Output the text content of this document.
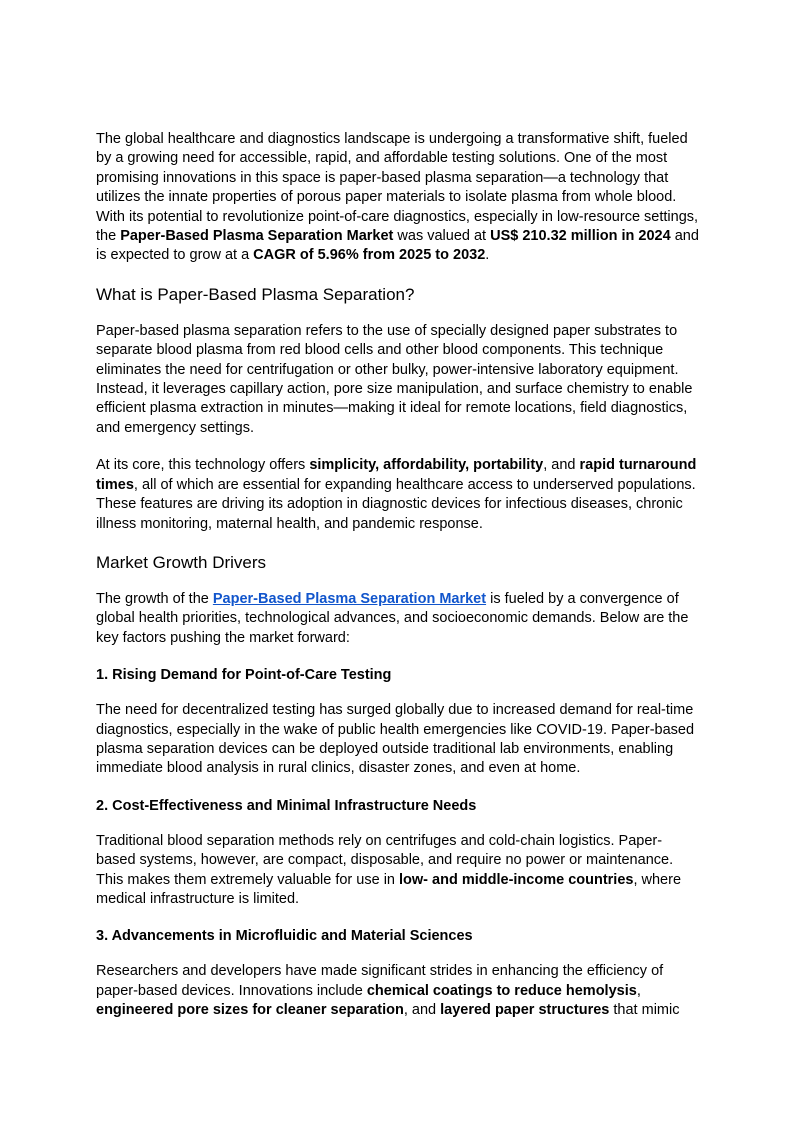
The global healthcare and diagnostics landscape is undergoing a transformative shift, fueled by a growing need for accessible, rapid, and affordable testing solutions. One of the most promising innovations in this space is paper-based plasma separation—a technology that utilizes the innate properties of porous paper materials to isolate plasma from whole blood. With its potential to revolutionize point-of-care diagnostics, especially in low-resource settings, the Paper-Based Plasma Separation Market was valued at US$ 210.32 million in 2024 and is expected to grow at a CAGR of 5.96% from 2025 to 2032.

What is Paper-Based Plasma Separation?

Paper-based plasma separation refers to the use of specially designed paper substrates to separate blood plasma from red blood cells and other blood components. This technique eliminates the need for centrifugation or other bulky, power-intensive laboratory equipment. Instead, it leverages capillary action, pore size manipulation, and surface chemistry to enable efficient plasma extraction in minutes—making it ideal for remote locations, field diagnostics, and emergency settings.

At its core, this technology offers simplicity, affordability, portability, and rapid turnaround times, all of which are essential for expanding healthcare access to underserved populations. These features are driving its adoption in diagnostic devices for infectious diseases, chronic illness monitoring, maternal health, and pandemic response.

Market Growth Drivers

The growth of the Paper-Based Plasma Separation Market is fueled by a convergence of global health priorities, technological advances, and socioeconomic demands. Below are the key factors pushing the market forward:

1. Rising Demand for Point-of-Care Testing

The need for decentralized testing has surged globally due to increased demand for real-time diagnostics, especially in the wake of public health emergencies like COVID-19. Paper-based plasma separation devices can be deployed outside traditional lab environments, enabling immediate blood analysis in rural clinics, disaster zones, and even at home.

2. Cost-Effectiveness and Minimal Infrastructure Needs

Traditional blood separation methods rely on centrifuges and cold-chain logistics. Paper-based systems, however, are compact, disposable, and require no power or maintenance. This makes them extremely valuable for use in low- and middle-income countries, where medical infrastructure is limited.

3. Advancements in Microfluidic and Material Sciences

Researchers and developers have made significant strides in enhancing the efficiency of paper-based devices. Innovations include chemical coatings to reduce hemolysis, engineered pore sizes for cleaner separation, and layered paper structures that mimic
